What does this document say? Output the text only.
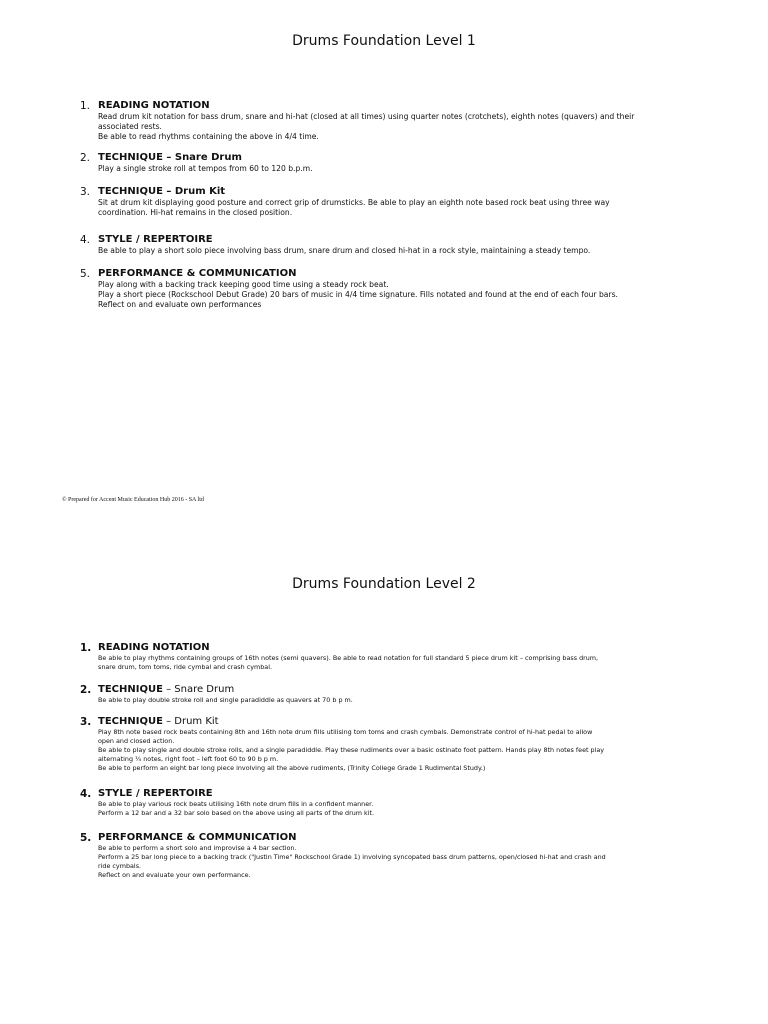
Drums Foundation Level 1
1. READING NOTATION
Read drum kit notation for bass drum, snare and hi-hat (closed at all times) using quarter notes (crotchets), eighth notes (quavers) and their
associated rests.
Be able to read rhythms containing the above in 4/4 time.
2. TECHNIQUE – Snare Drum
Play a single stroke roll at tempos from 60 to 120 b.p.m.
3. TECHNIQUE – Drum Kit
Sit at drum kit displaying good posture and correct grip of drumsticks. Be able to play an eighth note based rock beat using three way
coordination. Hi-hat remains in the closed position.
4. STYLE / REPERTOIRE
Be able to play a short solo piece involving bass drum, snare drum and closed hi-hat in a rock style, maintaining a steady tempo.
5. PERFORMANCE & COMMUNICATION
Play along with a backing track keeping good time using a steady rock beat.
Play a short piece (Rockschool Debut Grade) 20 bars of music in 4/4 time signature. Fills notated and found at the end of each four bars.
Reflect on and evaluate own performances
© Prepared for Accent Music Education Hub 2016 - SA ltd
Drums Foundation Level 2
1. READING NOTATION
Be able to play rhythms containing groups of 16th notes (semi quavers). Be able to read notation for full standard 5 piece drum kit – comprising bass drum,
snare drum, tom toms, ride cymbal and crash cymbal.
2. TECHNIQUE – Snare Drum
Be able to play double stroke roll and single paradiddle as quavers at 70 b p m.
3. TECHNIQUE – Drum Kit
Play 8th note based rock beats containing 8th and 16th note drum fills utilising tom toms and crash cymbals. Demonstrate control of hi-hat pedal to allow
open and closed action.
Be able to play single and double stroke rolls, and a single paradiddle. Play these rudiments over a basic ostinato foot pattern. Hands play 8th notes feet play
alternating ¼ notes, right foot – left foot 60 to 90 b p m.
Be able to perform an eight bar long piece involving all the above rudiments, (Trinity College Grade 1 Rudimental Study.)
4. STYLE / REPERTOIRE
Be able to play various rock beats utilising 16th note drum fills in a confident manner.
Perform a 12 bar and a 32 bar solo based on the above using all parts of the drum kit.
5. PERFORMANCE & COMMUNICATION
Be able to perform a short solo and improvise a 4 bar section.
Perform a 25 bar long piece to a backing track ("Justin Time" Rockschool Grade 1) involving syncopated bass drum patterns, open/closed hi-hat and crash and
ride cymbals.
Reflect on and evaluate your own performance.
